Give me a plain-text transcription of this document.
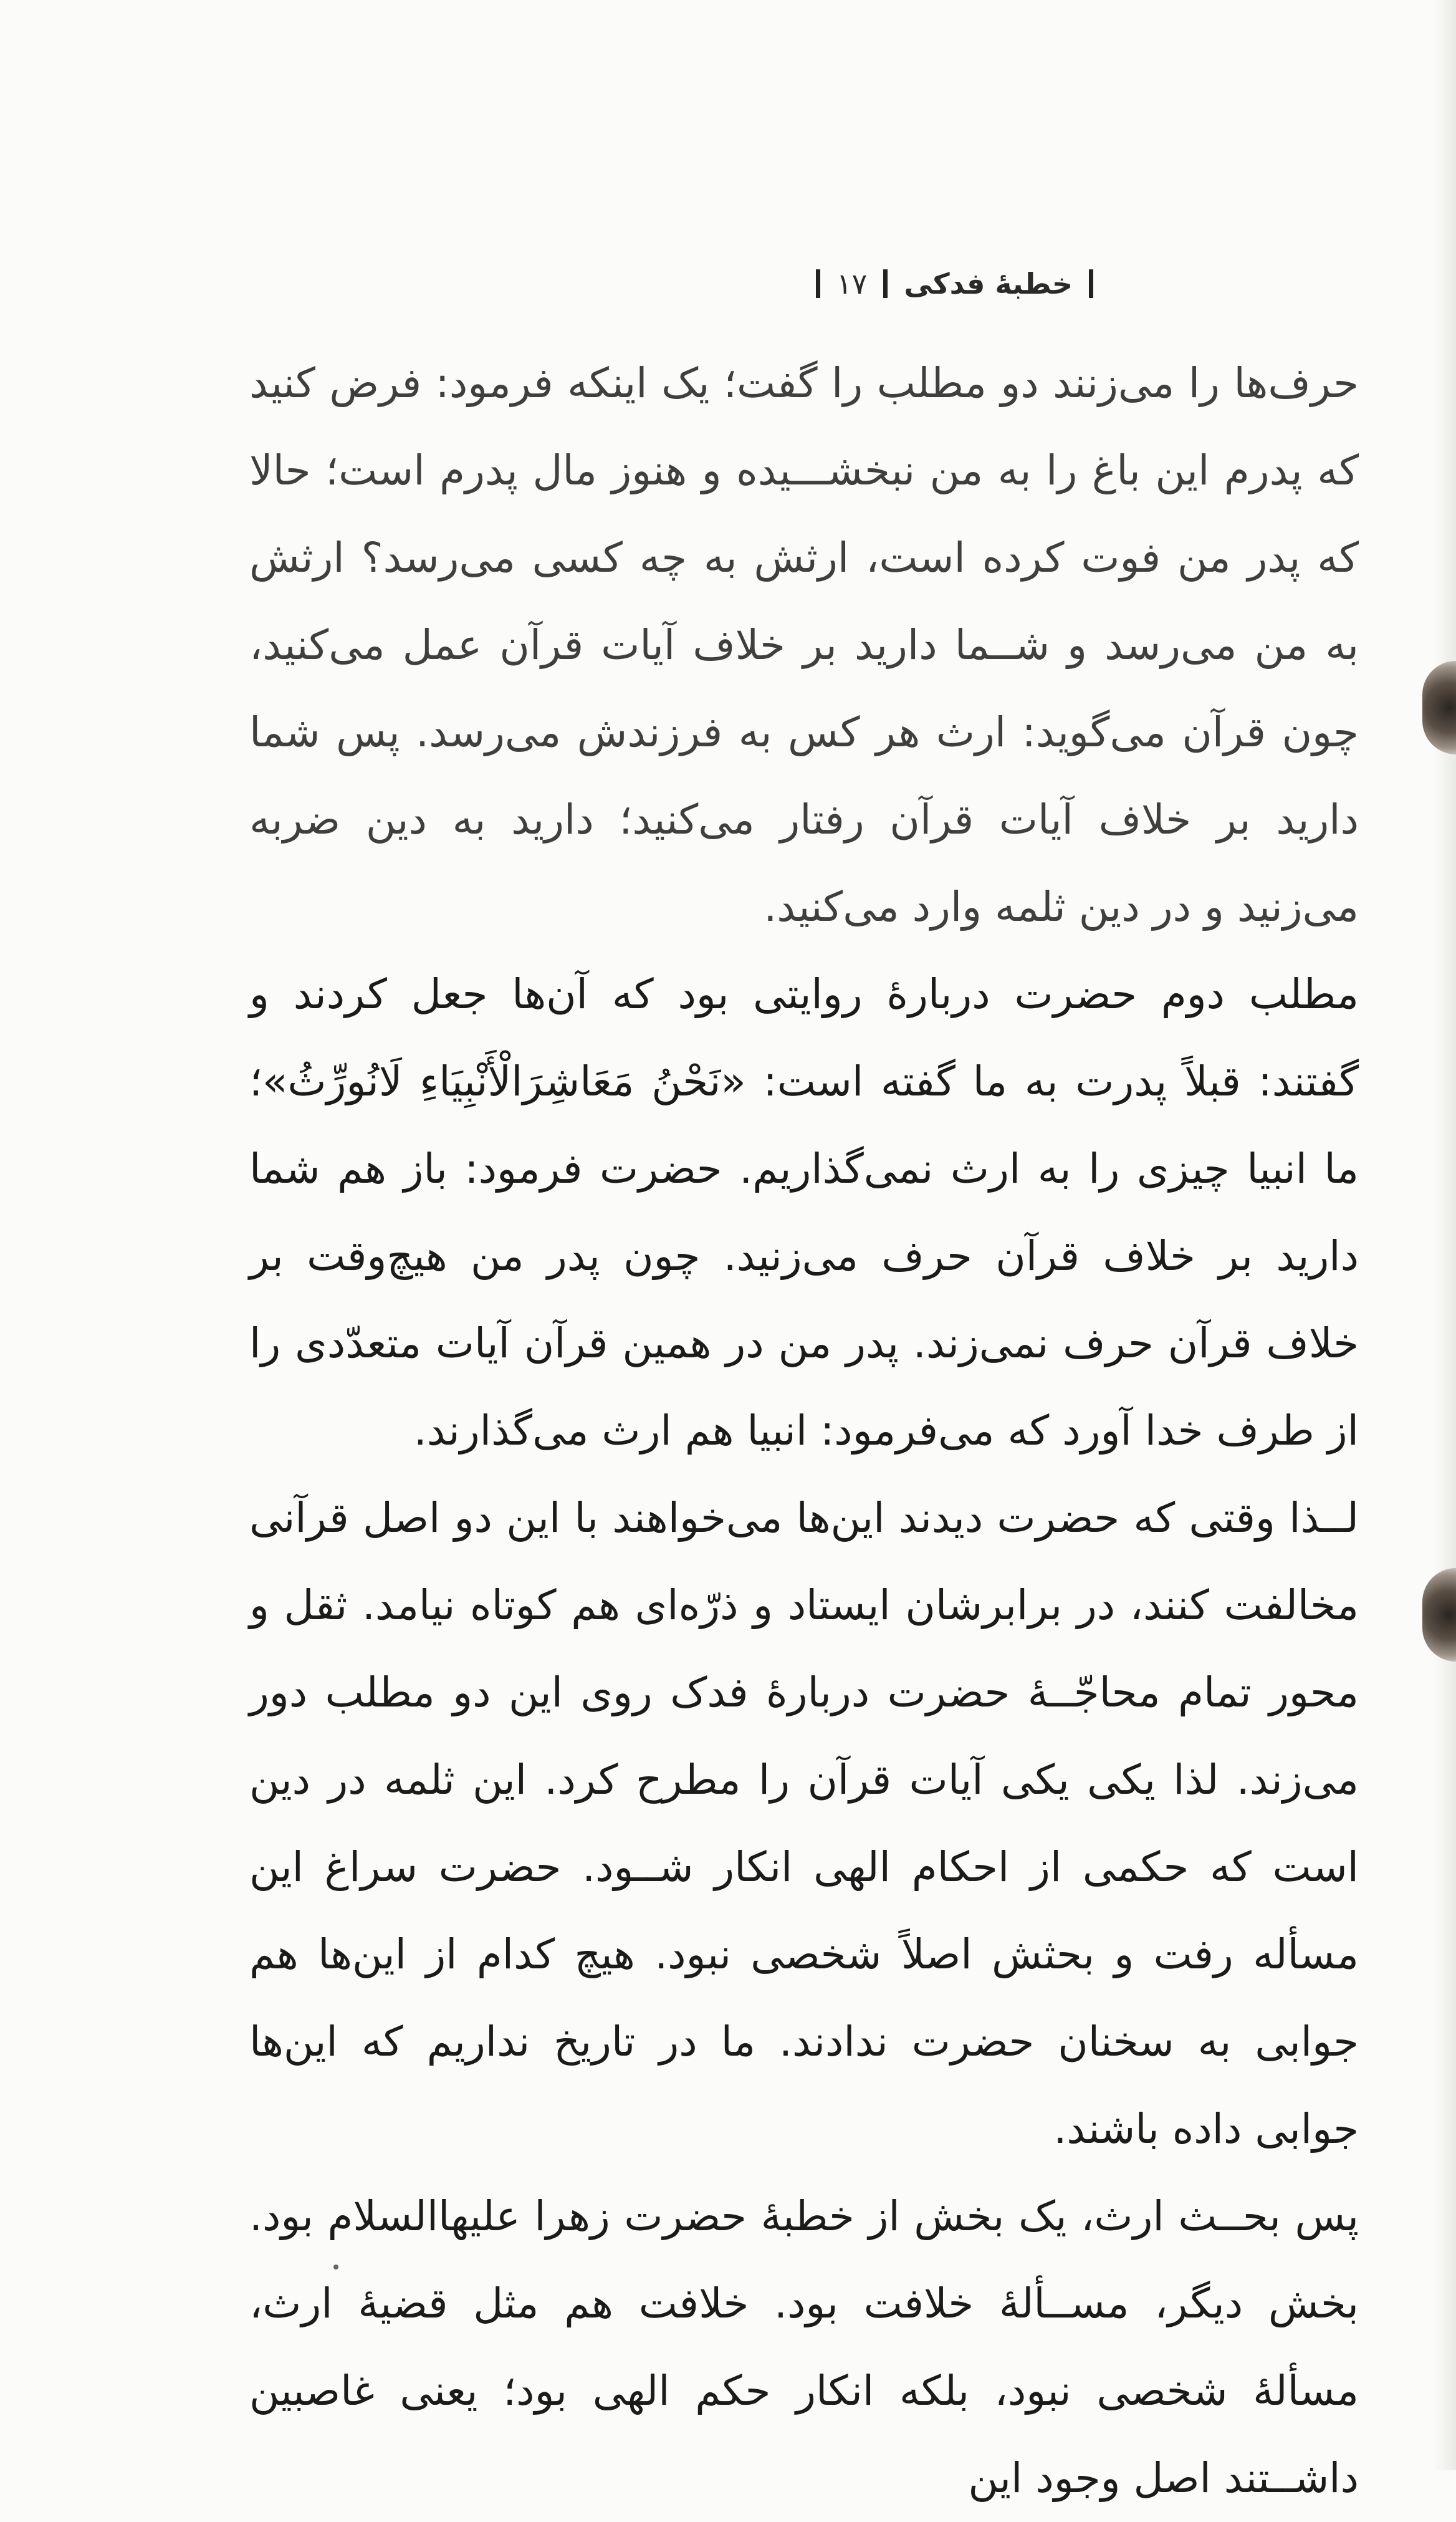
خطبهٔ فدکی
۱۷

حرف‌ها را می‌زنند دو مطلب را گفت؛ یک اینکه فرمود: فرض کنید که پدرم این باغ را به من نبخشـــیده و هنوز مال پدرم است؛ حالا که پدر من فوت کرده است، ارثش به چه کسی می‌رسد؟ ارثش به من می‌رسد و شــما دارید بر خلاف آیات قرآن عمل می‌کنید، چون قرآن می‌گوید: ارث هر کس به فرزندش می‌رسد. پس شما دارید بر خلاف آیات قرآن رفتار می‌کنید؛ دارید به دین ضربه می‌زنید و در دین ثلمه وارد می‌کنید.

مطلب دوم حضرت دربارهٔ روایتی بود که آن‌ها جعل کردند و گفتند: قبلاً پدرت به ما گفته است: «نَحْنُ مَعَاشِرَالْأَنْبِيَاءِ لَانُورِّثُ»؛ ما انبیا چیزی را به ارث نمی‌گذاریم. حضرت فرمود: باز هم شما دارید بر خلاف قرآن حرف می‌زنید. چون پدر من هیچ‌وقت بر خلاف قرآن حرف نمی‌زند. پدر من در همین قرآن آیات متعدّدی را از طرف خدا آورد که می‌فرمود: انبیا هم ارث می‌گذارند.

لــذا وقتی که حضرت دیدند این‌ها می‌خواهند با این دو اصل قرآنی مخالفت کنند، در برابرشان ایستاد و ذرّه‌ای هم کوتاه نیامد. ثقل و محور تمام محاجّــهٔ حضرت دربارهٔ فدک روی این دو مطلب دور می‌زند. لذا یکی یکی آیات قرآن را مطرح کرد. این ثلمه در دین است که حکمی از احکام الهی انکار شــود. حضرت سراغ این مسأله رفت و بحثش اصلاً شخصی نبود. هیچ کدام از این‌ها هم جوابی به سخنان حضرت ندادند. ما در تاریخ نداریم که این‌ها جوابی داده باشند.

پس بحــث ارث، یک بخش از خطبهٔ حضرت زهرا علیهاالسلام بود. بخش دیگر، مســألهٔ خلافت بود. خلافت هم مثل قضیهٔ ارث، مسألهٔ شخصی نبود، بلکه انکار حکم الهی بود؛ یعنی غاصبین داشــتند اصل وجود این
